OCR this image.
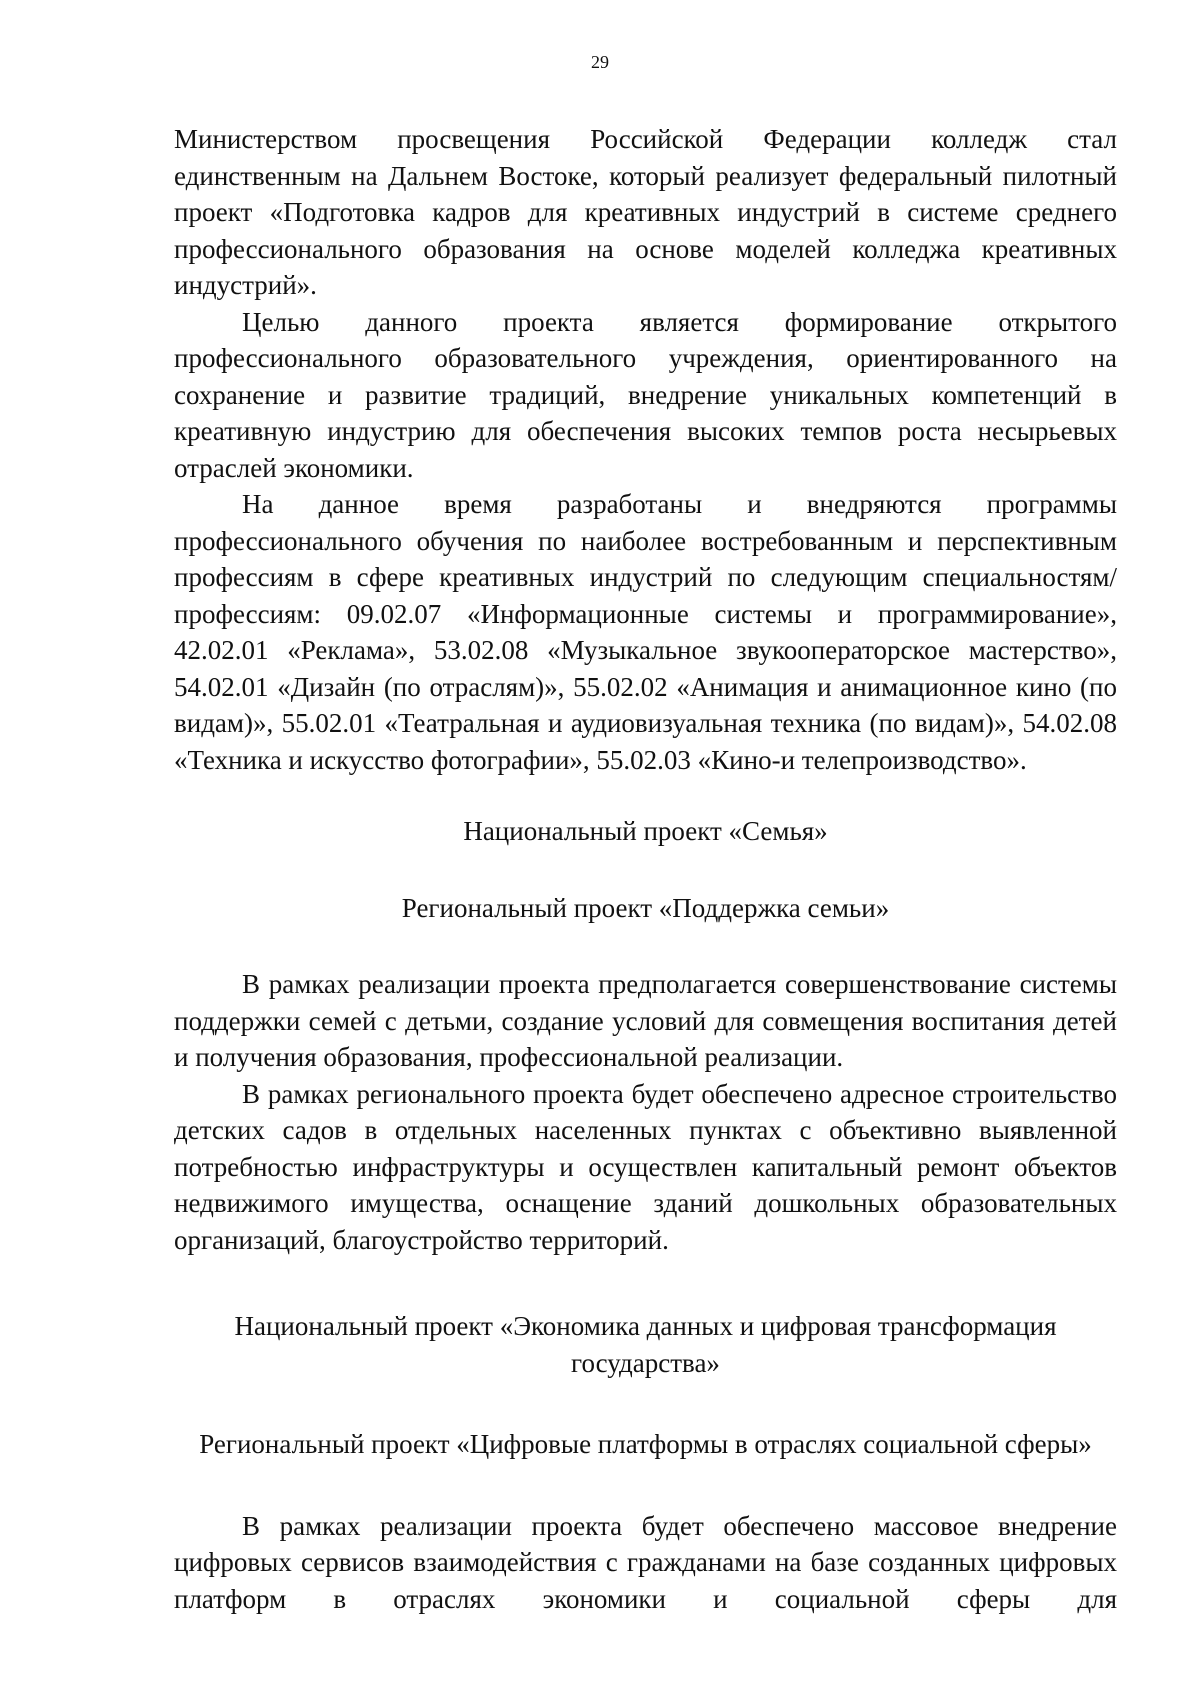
29

Министерством просвещения Российской Федерации колледж стал единственным на Дальнем Востоке, который реализует федеральный пилотный проект «Подготовка кадров для креативных индустрий в системе среднего профессионального образования на основе моделей колледжа креативных индустрий».

Целью данного проекта является формирование открытого профессионального образовательного учреждения, ориентированного на сохранение и развитие традиций, внедрение уникальных компетенций в креативную индустрию для обеспечения высоких темпов роста несырьевых отраслей экономики.

На данное время разработаны и внедряются программы профессионального обучения по наиболее востребованным и перспективным профессиям в сфере креативных индустрий по следующим специальностям/ профессиям: 09.02.07 «Информационные системы и программирование», 42.02.01 «Реклама», 53.02.08 «Музыкальное звукооператорское мастерство», 54.02.01 «Дизайн (по отраслям)», 55.02.02 «Анимация и анимационное кино (по видам)», 55.02.01 «Театральная и аудиовизуальная техника (по видам)», 54.02.08 «Техника и искусство фотографии», 55.02.03 «Кино-и телепроизводство».

Национальный проект «Семья»
Региональный проект «Поддержка семьи»

В рамках реализации проекта предполагается совершенствование системы поддержки семей с детьми, создание условий для совмещения воспитания детей и получения образования, профессиональной реализации.

В рамках регионального проекта будет обеспечено адресное строительство детских садов в отдельных населенных пунктах с объективно выявленной потребностью инфраструктуры и осуществлен капитальный ремонт объектов недвижимого имущества, оснащение зданий дошкольных образовательных организаций, благоустройство территорий.

Национальный проект «Экономика данных и цифровая трансформация
государства»
Региональный проект «Цифровые платформы в отраслях социальной сферы»

В рамках реализации проекта будет обеспечено массовое внедрение цифровых сервисов взаимодействия с гражданами на базе созданных цифровых платформ в отраслях экономики и социальной сферы для
